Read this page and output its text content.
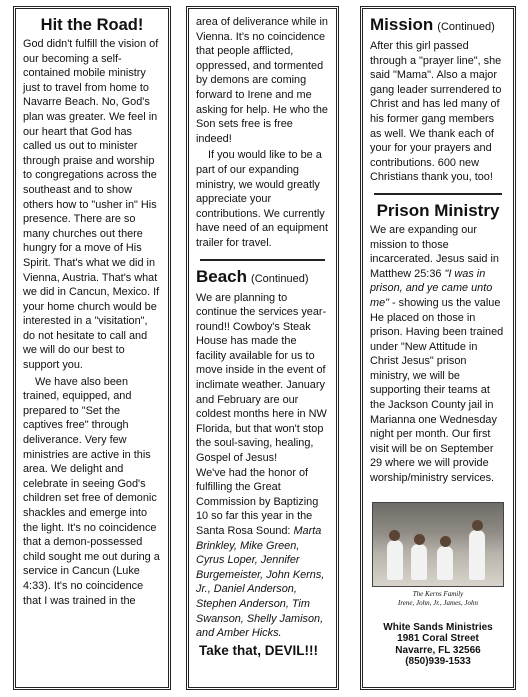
Hit the Road!

God didn't fulfill the vision of our becoming a self-contained mobile ministry just to travel from home to Navarre Beach. No, God's plan was greater. We feel in our heart that God has called us out to minister through praise and worship to congregations across the southeast and to show others how to "usher in" His presence. There are so many churches out there hungry for a move of His Spirit. That's what we did in Vienna, Austria. That's what we did in Cancun, Mexico. If your home church would be interested in a "visitation", do not hesitate to call and we will do our best to support you.

We have also been trained, equipped, and prepared to "Set the captives free" through deliverance. Very few ministries are active in this area. We delight and celebrate in seeing God's children set free of demonic shackles and emerge into the light. It's no coincidence that a demon-possessed child sought me out during a service in Cancun (Luke 4:33). It's no coincidence that I was trained in the

area of deliverance while in Vienna. It's no coincidence that people afflicted, oppressed, and tormented by demons are coming forward to Irene and me asking for help. He who the Son sets free is free indeed!

If you would like to be a part of our expanding ministry, we would greatly appreciate your contributions. We currently have need of an equipment trailer for travel.

Beach (Continued)

We are planning to continue the services year-round!! Cowboy's Steak House has made the facility available for us to move inside in the event of inclimate weather. January and February are our coldest months here in NW Florida, but that won't stop the soul-saving, healing, Gospel of Jesus!

We've had the honor of fulfilling the Great Commission by Baptizing 10 so far this year in the Santa Rosa Sound: Marta Brinkley, Mike Green, Cyrus Loper, Jennifer Burgemeister, John Kerns, Jr., Daniel Anderson, Stephen Anderson, Tim Swanson, Shelly Jamison, and Amber Hicks.

Take that, DEVIL!!!

Mission (Continued)

After this girl passed through a "prayer line", she said "Mama". Also a major gang leader surrendered to Christ and has led many of his former gang members as well. We thank each of your for your prayers and contributions. 600 new Christians thank you, too!

Prison Ministry

We are expanding our mission to those incarcerated. Jesus said in Matthew 25:36 "I was in prison, and ye came unto me" - showing us the value He placed on those in prison. Having been trained under "New Attitude in Christ Jesus" prison ministry, we will be supporting their teams at the Jackson County jail in Marianna one Wednesday night per month. Our first visit will be on September 29 where we will provide worship/ministry services.

The Kerns Family
Irene, John, Jr., James, John
White Sands Ministries
1981 Coral Street
Navarre, FL 32566
(850)939-1533
